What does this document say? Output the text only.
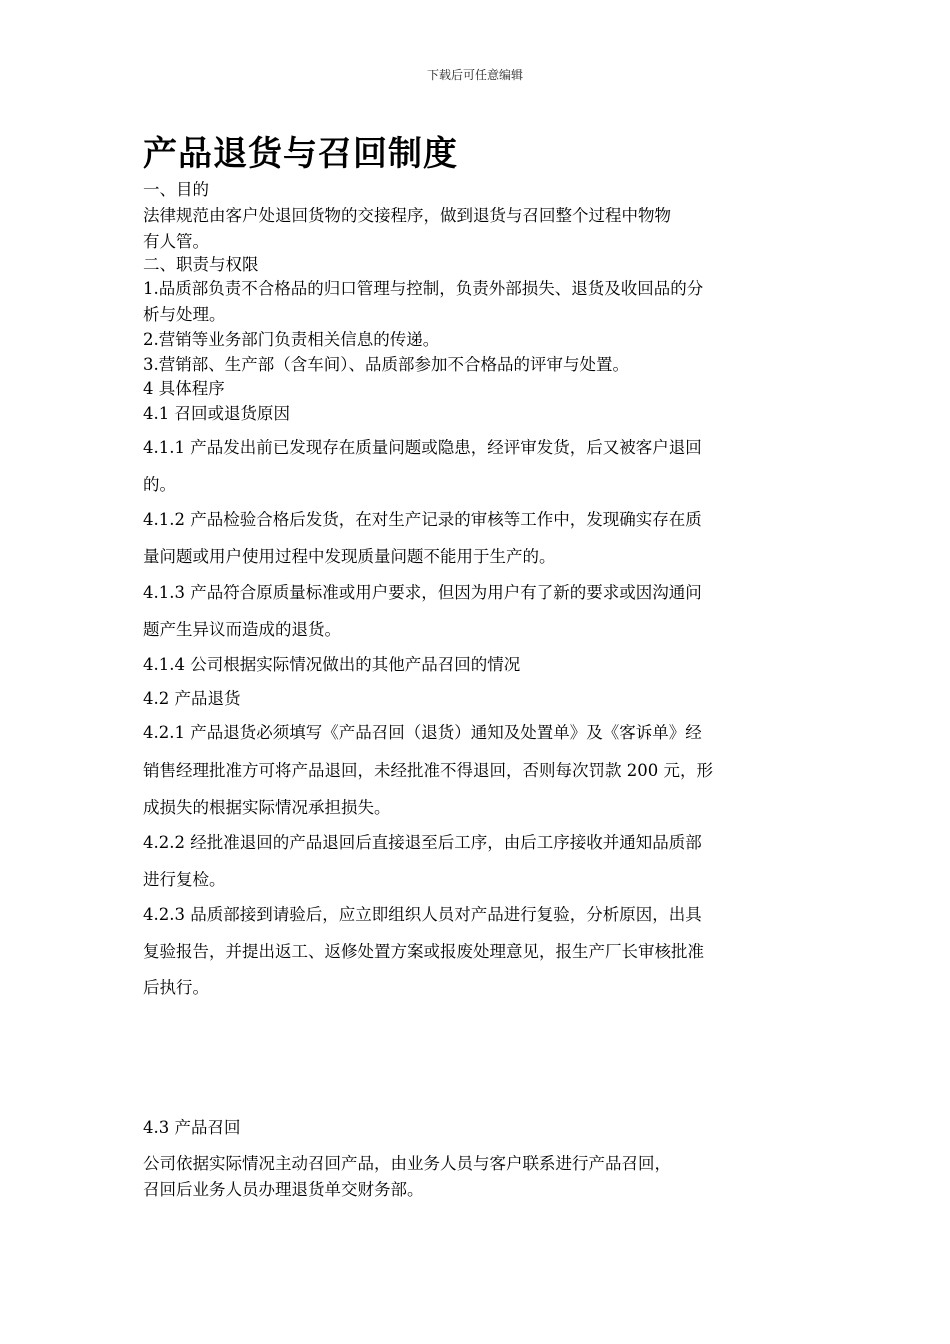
下载后可任意编辑
产品退货与召回制度

一、目的

法律规范由客户处退回货物的交接程序，做到退货与召回整个过程中物物

有人管。

二、职责与权限

1.品质部负责不合格品的归口管理与控制，负责外部损失、退货及收回品的分

析与处理。

2.营销等业务部门负责相关信息的传递。

3.营销部、生产部（含车间）、品质部参加不合格品的评审与处置。

4 具体程序

4.1 召回或退货原因

4.1.1 产品发出前已发现存在质量问题或隐患，经评审发货，后又被客户退回

的。

4.1.2 产品检验合格后发货，在对生产记录的审核等工作中，发现确实存在质

量问题或用户使用过程中发现质量问题不能用于生产的。

4.1.3 产品符合原质量标准或用户要求，但因为用户有了新的要求或因沟通问

题产生异议而造成的退货。

4.1.4 公司根据实际情况做出的其他产品召回的情况

4.2 产品退货

4.2.1 产品退货必须填写《产品召回（退货）通知及处置单》及《客诉单》经

销售经理批准方可将产品退回，未经批准不得退回，否则每次罚款 200 元，形

成损失的根据实际情况承担损失。

4.2.2 经批准退回的产品退回后直接退至后工序，由后工序接收并通知品质部

进行复检。

4.2.3 品质部接到请验后，应立即组织人员对产品进行复验，分析原因，出具

复验报告，并提出返工、返修处置方案或报废处理意见，报生产厂长审核批准

后执行。

4.3 产品召回

公司依据实际情况主动召回产品，由业务人员与客户联系进行产品召回，

召回后业务人员办理退货单交财务部。
